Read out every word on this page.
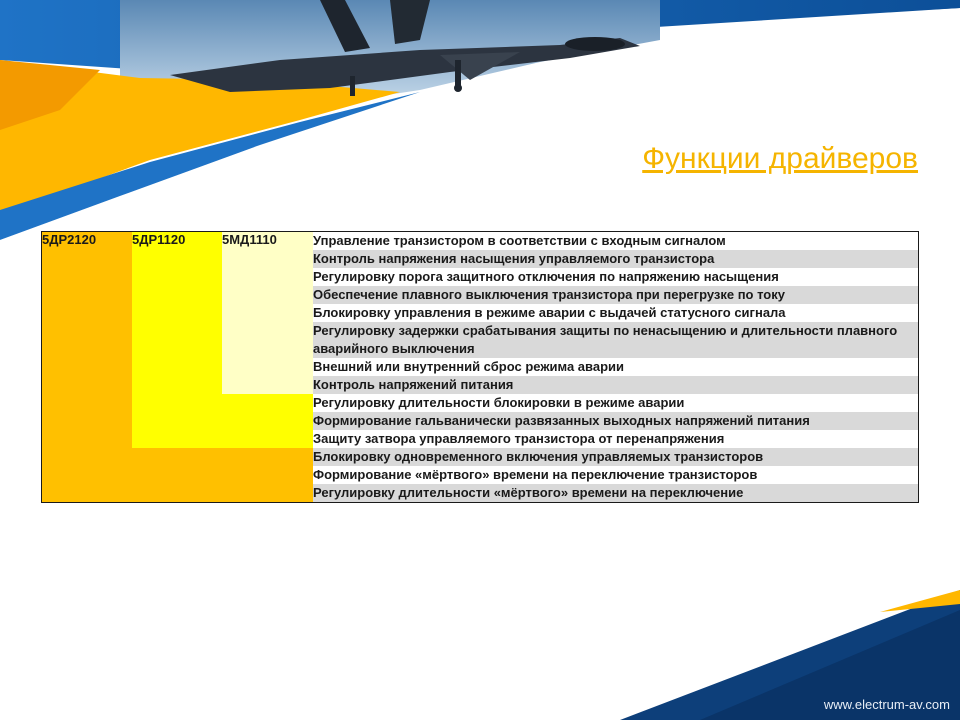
Функции драйверов
5ДР2120	5ДР1120	5МД1110	Управление транзистором в соответствии с входным сигналом
			Контроль напряжения насыщения управляемого транзистора
			Регулировку порога защитного отключения по напряжению насыщения
			Обеспечение плавного выключения транзистора при перегрузке по току
			Блокировку управления в режиме аварии с выдачей статусного сигнала
			Регулировку задержки срабатывания защиты по ненасыщению и длительности плавного аварийного выключения
			Внешний или внутренний сброс режима аварии
			Контроль напряжений питания
			Регулировку длительности блокировки в режиме аварии
			Формирование гальванически развязанных выходных напряжений питания
			Защиту затвора управляемого транзистора от перенапряжения
			Блокировку одновременного включения управляемых транзисторов
			Формирование «мёртвого» времени на переключение транзисторов
			Регулировку длительности «мёртвого» времени на переключение
www.electrum-av.com
